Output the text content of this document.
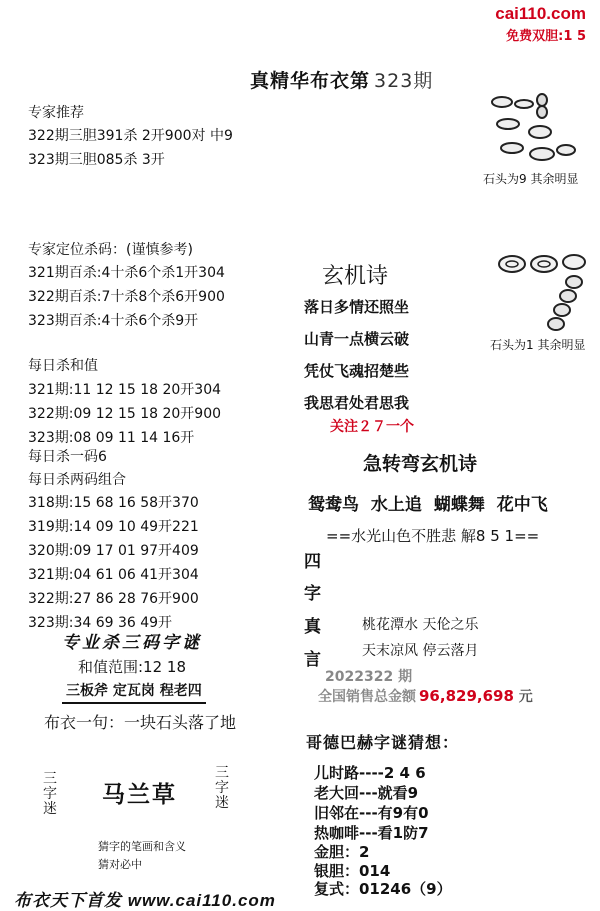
cai110.com
免费双胆:1 5
真精华布衣第 323期
专家推荐
322期三胆391杀 2开900对 中9
323期三胆085杀 3开
石头为9 其余明显
专家定位杀码：(谨慎参考)
321期百杀:4十杀6个杀1开304
322期百杀:7十杀8个杀6开900
323期百杀:4十杀6个杀9开
石头为1 其余明显
玄机诗
落日多情还照坐
山青一点横云破
凭仗飞魂招楚些
我思君处君思我
关注２７一个
每日杀和值
321期:11 12 15 18 20开304
322期:09 12 15 18 20开900
323期:08 09 11 14 16开
每日杀一码6
每日杀两码组合
318期:15 68 16 58开370
319期:14 09 10 49开221
320期:09 17 01 97开409
321期:04 61 06 41开304
322期:27 86 28 76开900
323期:34 69 36 49开
急转弯玄机诗
鸳鸯鸟 水上追 蝴蝶舞 花中飞
==水光山色不胜悲 解8 5 1==
四
字
真
言
桃花潭水 天伦之乐
天末凉风 停云落月
2022322 期
全国销售总金额 96,829,698 元
专业杀三码字谜
和值范围:12 18
三板斧 定瓦岗 程老四
布衣一句：一块石头落了地
三字迷
三字迷
马兰草
猜字的笔画和含义
猜对必中
哥德巴赫字谜猜想：
儿时路----2 4 6
老大回---就看9
旧邻在---有9有0
热咖啡---看1防7
金胆：2
银胆：014
复式：01246（9）
布衣天下首发 www.cai110.com
